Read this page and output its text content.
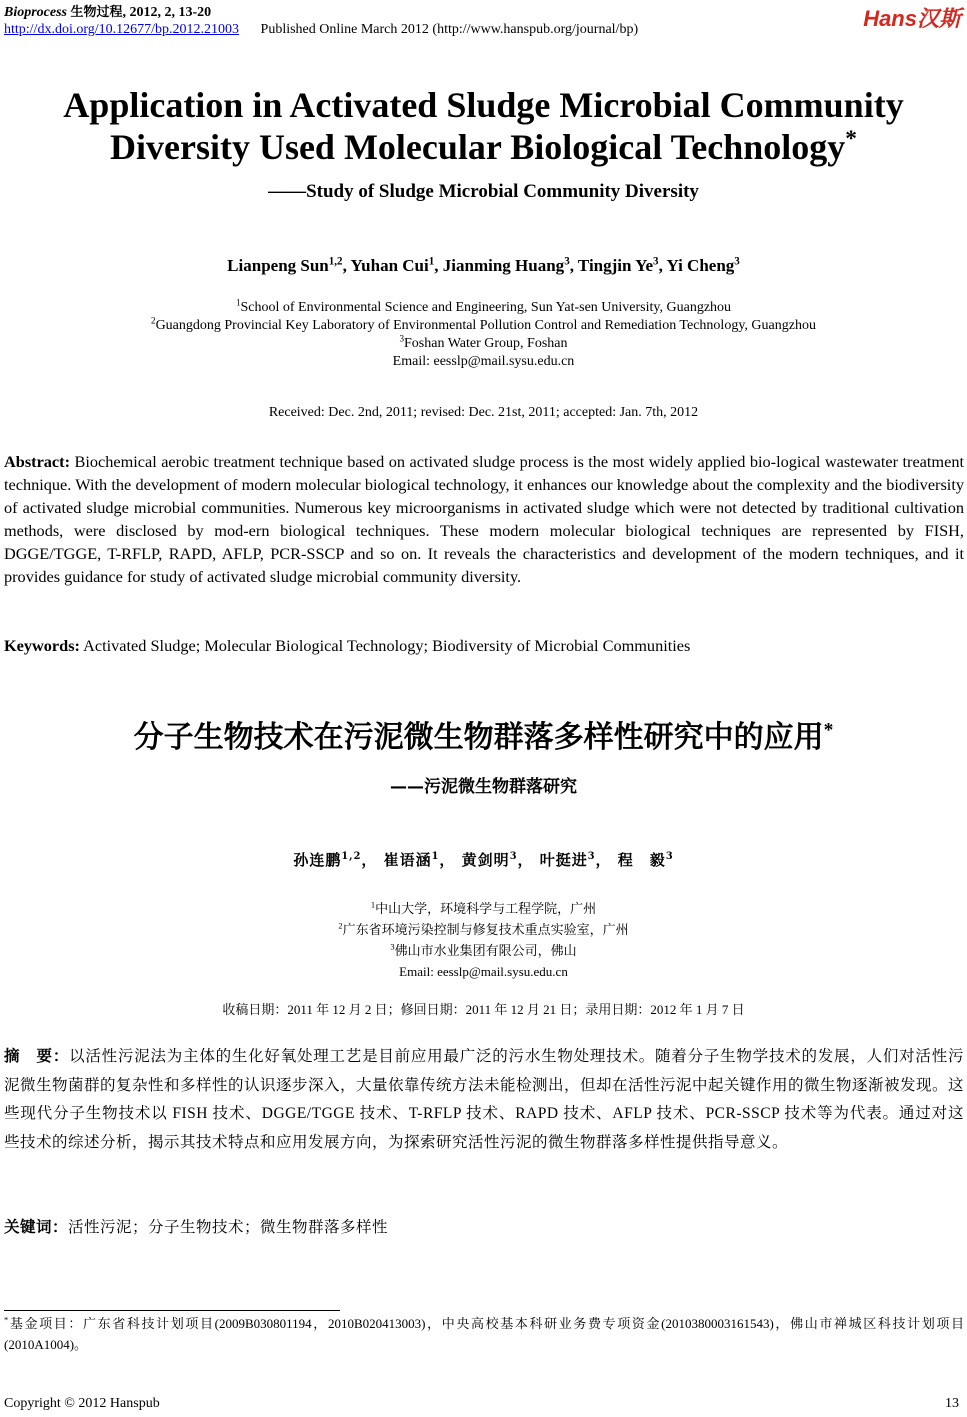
Bioprocess 生物过程, 2012, 2, 13-20
http://dx.doi.org/10.12677/bp.2012.21003 Published Online March 2012 (http://www.hanspub.org/journal/bp)	Hans汉斯
Application in Activated Sludge Microbial Community
Diversity Used Molecular Biological Technology*
——Study of Sludge Microbial Community Diversity
Lianpeng Sun$^{1,2}$, Yuhan Cui$^1$, Jianming Huang$^3$, Tingjin Ye$^3$, Yi Cheng$^3$
$^1$School of Environmental Science and Engineering, Sun Yat-sen University, Guangzhou
$^2$Guangdong Provincial Key Laboratory of Environmental Pollution Control and Remediation Technology, Guangzhou
$^3$Foshan Water Group, Foshan
Email: eesslp@mail.sysu.edu.cn
Received: Dec. 2nd, 2011; revised: Dec. 21st, 2011; accepted: Jan. 7th, 2012
Abstract: Biochemical aerobic treatment technique based on activated sludge process is the most widely applied bio-logical wastewater treatment technique. With the development of modern molecular biological technology, it enhances our knowledge about the complexity and the biodiversity of activated sludge microbial communities. Numerous key microorganisms in activated sludge which were not detected by traditional cultivation methods, were disclosed by mod-ern biological techniques. These modern molecular biological techniques are represented by FISH, DGGE/TGGE, T-RFLP, RAPD, AFLP, PCR-SSCP and so on. It reveals the characteristics and development of the modern techniques, and it provides guidance for study of activated sludge microbial community diversity.
Keywords: Activated Sludge; Molecular Biological Technology; Biodiversity of Microbial Communities
分子生物技术在污泥微生物群落多样性研究中的应用*
——污泥微生物群落研究
孙连鹏$^{1,2}$， 崔语涵$^1$， 黄剑明$^3$， 叶挺进$^3$， 程　毅$^3$
$^1$中山大学，环境科学与工程学院，广州
$^2$广东省环境污染控制与修复技术重点实验室，广州
$^3$佛山市水业集团有限公司，佛山
Email: eesslp@mail.sysu.edu.cn
收稿日期：2011 年 12 月 2 日；修回日期：2011 年 12 月 21 日；录用日期：2012 年 1 月 7 日
摘　要：以活性污泥法为主体的生化好氧处理工艺是目前应用最广泛的污水生物处理技术。随着分子生物学技术的发展，人们对活性污泥微生物菌群的复杂性和多样性的认识逐步深入，大量依靠传统方法未能检测出，但却在活性污泥中起关键作用的微生物逐渐被发现。这些现代分子生物技术以 FISH 技术、DGGE/TGGE 技术、T-RFLP 技术、RAPD 技术、AFLP 技术、PCR-SSCP 技术等为代表。通过对这些技术的综述分析，揭示其技术特点和应用发展方向，为探索研究活性污泥的微生物群落多样性提供指导意义。
关键词：活性污泥；分子生物技术；微生物群落多样性
*基金项目：广东省科技计划项目(2009B030801194，2010B020413003)，中央高校基本科研业务费专项资金(2010380003161543)，佛山市禅城区科技计划项目(2010A1004)。
Copyright © 2012 Hanspub	13
